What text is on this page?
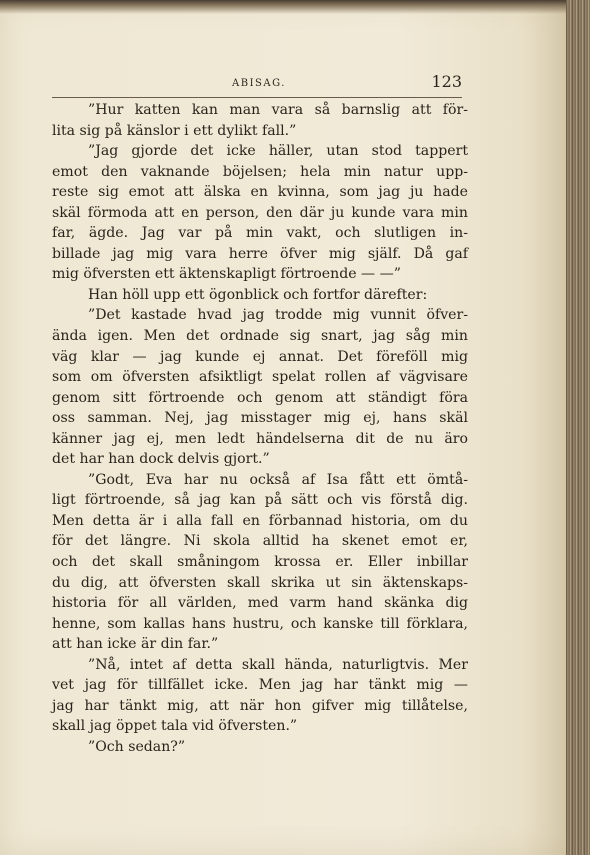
ABISAG.	123
”Hur katten kan man vara så barnslig att för-
lita sig på känslor i ett dylikt fall.”
”Jag gjorde det icke häller, utan stod tappert
emot den vaknande böjelsen; hela min natur upp-
reste sig emot att älska en kvinna, som jag ju hade
skäl förmoda att en person, den där ju kunde vara min
far, ägde. Jag var på min vakt, och slutligen in-
billade jag mig vara herre öfver mig själf. Då gaf
mig öfversten ett äktenskapligt förtroende — —”
Han höll upp ett ögonblick och fortfor därefter:
”Det kastade hvad jag trodde mig vunnit öfver-
ända igen. Men det ordnade sig snart, jag såg min
väg klar — jag kunde ej annat. Det föreföll mig
som om öfversten afsiktligt spelat rollen af vägvisare
genom sitt förtroende och genom att ständigt föra
oss samman. Nej, jag misstager mig ej, hans skäl
känner jag ej, men ledt händelserna dit de nu äro
det har han dock delvis gjort.”
”Godt, Eva har nu också af Isa fått ett ömtå-
ligt förtroende, så jag kan på sätt och vis förstå dig.
Men detta är i alla fall en förbannad historia, om du
för det längre. Ni skola alltid ha skenet emot er,
och det skall småningom krossa er. Eller inbillar
du dig, att öfversten skall skrika ut sin äktenskaps-
historia för all världen, med varm hand skänka dig
henne, som kallas hans hustru, och kanske till förklara,
att han icke är din far.”
”Nå, intet af detta skall hända, naturligtvis. Mer
vet jag för tillfället icke. Men jag har tänkt mig —
jag har tänkt mig, att när hon gifver mig tillåtelse,
skall jag öppet tala vid öfversten.”
”Och sedan?”
